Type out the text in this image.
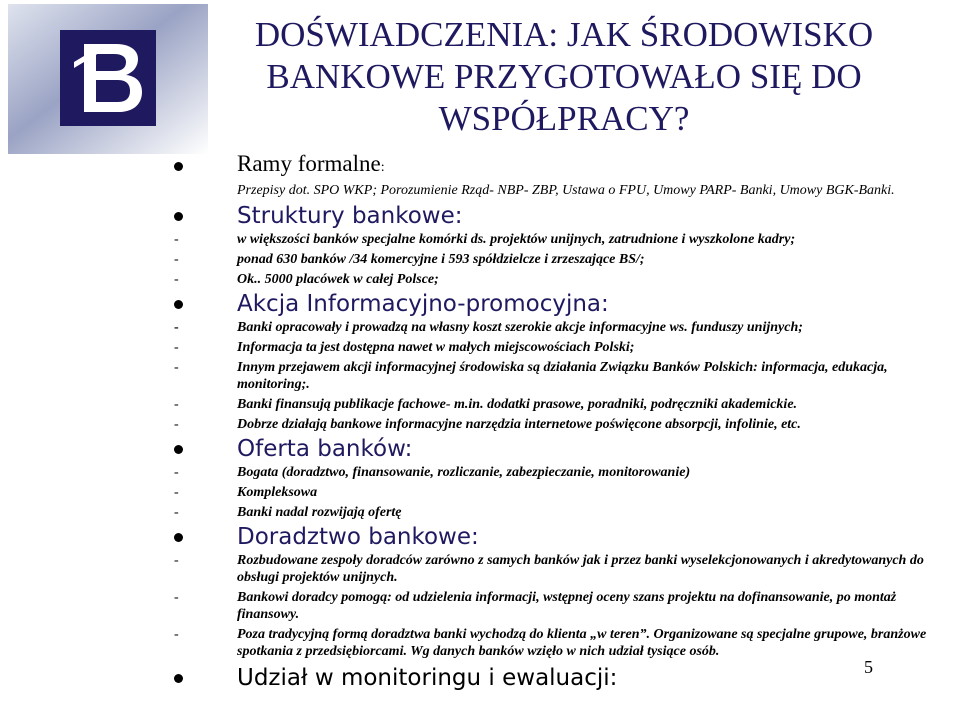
DOŚWIADCZENIA: JAK ŚRODOWISKO BANKOWE PRZYGOTOWAŁO SIĘ DO WSPÓŁPRACY?
Ramy formalne:
Przepisy dot. SPO WKP; Porozumienie Rząd- NBP- ZBP, Ustawa o FPU, Umowy PARP- Banki, Umowy BGK-Banki.
Struktury bankowe:
-	w większości banków specjalne komórki ds. projektów unijnych, zatrudnione i wyszkolone kadry;
-	ponad 630 banków /34 komercyjne i 593 spółdzielcze i zrzeszające BS/;
-	Ok.. 5000 placówek w całej Polsce;
Akcja Informacyjno-promocyjna:
-	Banki opracowały i prowadzą na własny koszt szerokie akcje informacyjne ws. funduszy unijnych;
-	Informacja ta jest dostępna nawet w małych miejscowościach Polski;
-	Innym przejawem akcji informacyjnej środowiska są działania Związku Banków Polskich: informacja, edukacja, monitoring;.
-	Banki finansują publikacje fachowe- m.in. dodatki prasowe, poradniki, podręczniki akademickie.
-	Dobrze działają bankowe informacyjne narzędzia internetowe poświęcone absorpcji, infolinie, etc.
Oferta banków:
-	Bogata (doradztwo, finansowanie, rozliczanie, zabezpieczanie, monitorowanie)
-	Kompleksowa
-	Banki nadal rozwijają ofertę
Doradztwo bankowe:
-	Rozbudowane zespoły doradców zarówno z samych banków jak i przez banki wyselekcjonowanych i akredytowanych do obsługi projektów unijnych.
-	Bankowi doradcy pomogą: od udzielenia informacji, wstępnej oceny szans projektu na dofinansowanie, po montaż finansowy.
-	Poza tradycyjną formą doradztwa banki wychodzą do klienta „w teren”. Organizowane są specjalne grupowe, branżowe spotkania z przedsiębiorcami. Wg danych banków wzięło w nich udział tysiące osób.
Udział w monitoringu i ewaluacji:	5
